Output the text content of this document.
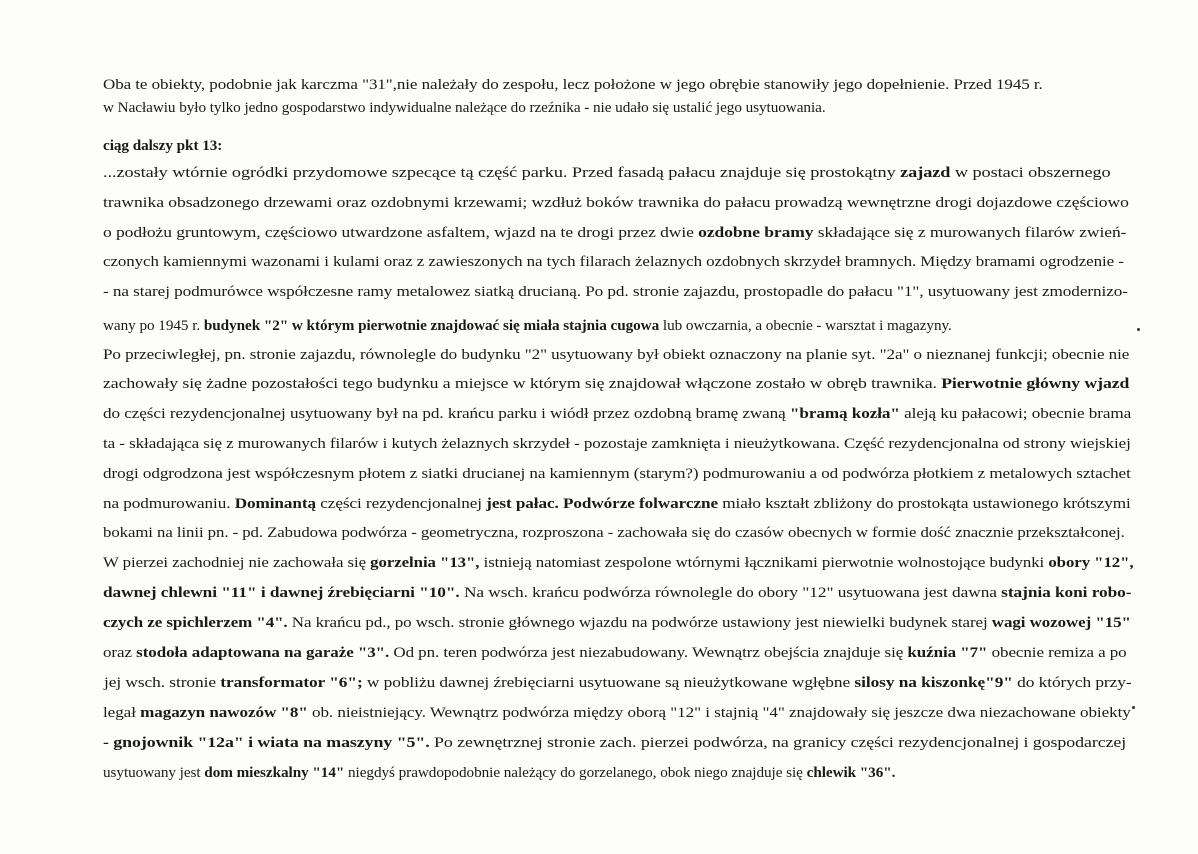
Oba te obiekty, podobnie jak karczma "31",nie należały do zespołu, lecz położone w jego obrębie stanowiły jego dopełnienie. Przed 1945 r.
w Nacławiu było tylko jedno gospodarstwo indywidualne należące do rzeźnika - nie udało się ustalić jego usytuowania.
ciąg dalszy pkt 13:
...zostały wtórnie ogródki przydomowe szpecące tą część parku. Przed fasadą pałacu znajduje się prostokątny zajazd w postaci obszernego
trawnika obsadzonego drzewami oraz ozdobnymi krzewami; wzdłuż boków trawnika do pałacu prowadzą wewnętrzne drogi dojazdowe częściowo
o podłożu gruntowym, częściowo utwardzone asfaltem, wjazd na te drogi przez dwie ozdobne bramy składające się z murowanych filarów zwień-
czonych kamiennymi wazonami i kulami oraz z zawieszonych na tych filarach żelaznych ozdobnych skrzydeł bramnych. Między bramami ogrodzenie -
- na starej podmurówce współczesne ramy metalowez siatką drucianą. Po pd. stronie zajazdu, prostopadle do pałacu "1", usytuowany jest zmodernizo-
wany po 1945 r. budynek "2" w którym pierwotnie znajdować się miała stajnia cugowa lub owczarnia, a obecnie - warsztat i magazyny.
Po przeciwległej, pn. stronie zajazdu, równolegle do budynku "2" usytuowany był obiekt oznaczony na planie syt. "2a" o nieznanej funkcji; obecnie nie
zachowały się żadne pozostałości tego budynku a miejsce w którym się znajdował włączone zostało w obręb trawnika. Pierwotnie główny wjazd
do części rezydencjonalnej usytuowany był na pd. krańcu parku i wiódł przez ozdobną bramę zwaną "bramą kozła" aleją ku pałacowi; obecnie brama
ta - składająca się z murowanych filarów i kutych żelaznych skrzydeł - pozostaje zamknięta i nieużytkowana. Część rezydencjonalna od strony wiejskiej
drogi odgrodzona jest współczesnym płotem z siatki drucianej na kamiennym (starym?) podmurowaniu a od podwórza płotkiem z metalowych sztachet
na podmurowaniu. Dominantą części rezydencjonalnej jest pałac. Podwórze folwarczne miało kształt zbliżony do prostokąta ustawionego krótszymi
bokami na linii pn. - pd. Zabudowa podwórza - geometryczna, rozproszona - zachowała się do czasów obecnych w formie dość znacznie przekształconej.
W pierzei zachodniej nie zachowała się gorzelnia "13", istnieją natomiast zespolone wtórnymi łącznikami pierwotnie wolnostojące budynki obory "12",
dawnej chlewni "11" i dawnej źrebięciarni "10". Na wsch. krańcu podwórza równolegle do obory "12" usytuowana jest dawna stajnia koni robo-
czych ze spichlerzem "4". Na krańcu pd., po wsch. stronie głównego wjazdu na podwórze ustawiony jest niewielki budynek starej wagi wozowej "15"
oraz stodoła adaptowana na garaże "3". Od pn. teren podwórza jest niezabudowany. Wewnątrz obejścia znajduje się kuźnia "7" obecnie remiza a po
jej wsch. stronie transformator "6"; w pobliżu dawnej źrebięciarni usytuowane są nieużytkowane wgłębne silosy na kiszonkę"9" do których przy-
legał magazyn nawozów "8" ob. nieistniejący. Wewnątrz podwórza między oborą "12" i stajnią "4" znajdowały się jeszcze dwa niezachowane obiekty
- gnojownik "12a" i wiata na maszyny "5". Po zewnętrznej stronie zach. pierzei podwórza, na granicy części rezydencjonalnej i gospodarczej
usytuowany jest dom mieszkalny "14" niegdyś prawdopodobnie należący do gorzelanego, obok niego znajduje się chlewik "36".
